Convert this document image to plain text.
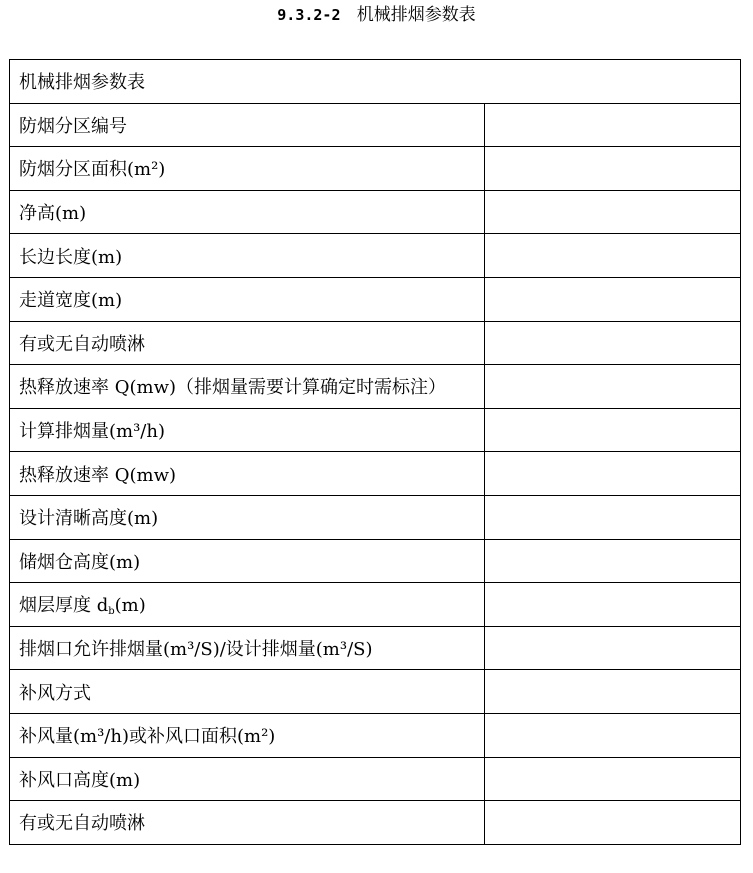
9.3.2-2 机械排烟参数表
机械排烟参数表	
防烟分区编号	
防烟分区面积(m²)	
净高(m)	
长边长度(m)	
走道宽度(m)	
有或无自动喷淋	
热释放速率 Q(mw)（排烟量需要计算确定时需标注）	
计算排烟量(m³/h)	
热释放速率 Q(mw)	
设计清晰高度(m)	
储烟仓高度(m)	
烟层厚度 $d_b(m)$	
排烟口允许排烟量(m³/S)/设计排烟量(m³/S)	
补风方式	
补风量(m³/h)或补风口面积(m²)	
补风口高度(m)	
有或无自动喷淋	
